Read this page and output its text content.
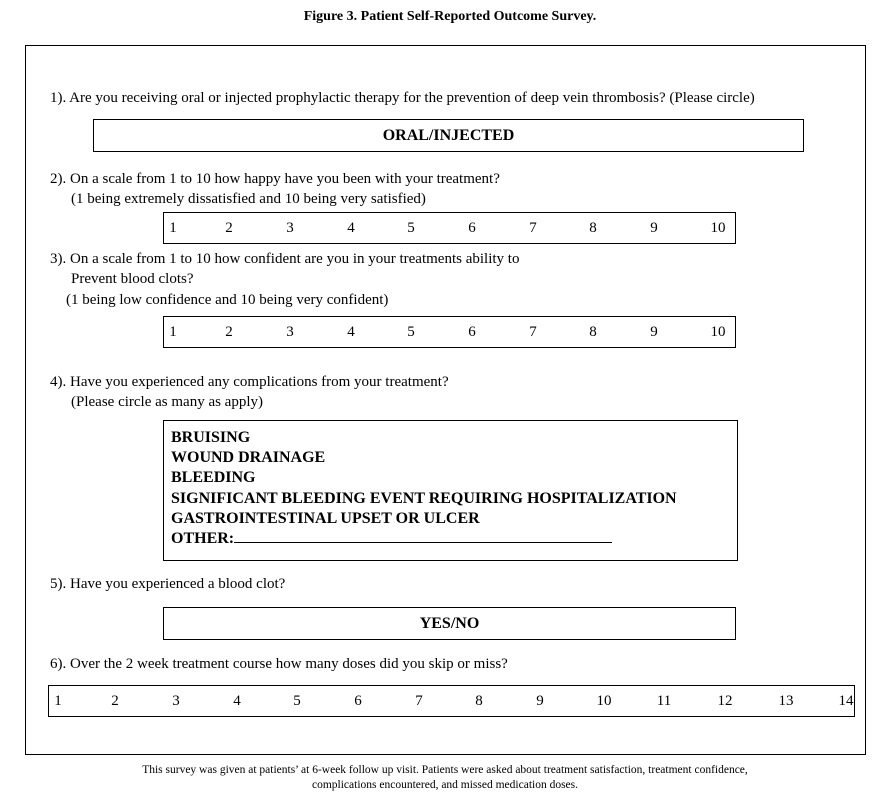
Figure 3. Patient Self-Reported Outcome Survey.
1). Are you receiving oral or injected prophylactic therapy for the prevention of deep vein thrombosis? (Please circle)
ORAL/INJECTED
2). On a scale from 1 to 10 how happy have you been with your treatment?
(1 being extremely dissatisfied and 10 being very satisfied)
1	2	3	4	5	6	7	8	9	10
3). On a scale from 1 to 10 how confident are you in your treatments ability to
Prevent blood clots?
(1 being low confidence and 10 being very confident)
1	2	3	4	5	6	7	8	9	10
4). Have you experienced any complications from your treatment?
(Please circle as many as apply)
BRUISING
WOUND DRAINAGE
BLEEDING
SIGNIFICANT BLEEDING EVENT REQUIRING HOSPITALIZATION
GASTROINTESTINAL UPSET OR ULCER
OTHER:
5). Have you experienced a blood clot?
YES/NO
6). Over the 2 week treatment course how many doses did you skip or miss?
1	2	3	4	5	6	7	8	9	10	11	12	13	14
This survey was given at patients’ at 6-week follow up visit. Patients were asked about treatment satisfaction, treatment confidence,
complications encountered, and missed medication doses.
